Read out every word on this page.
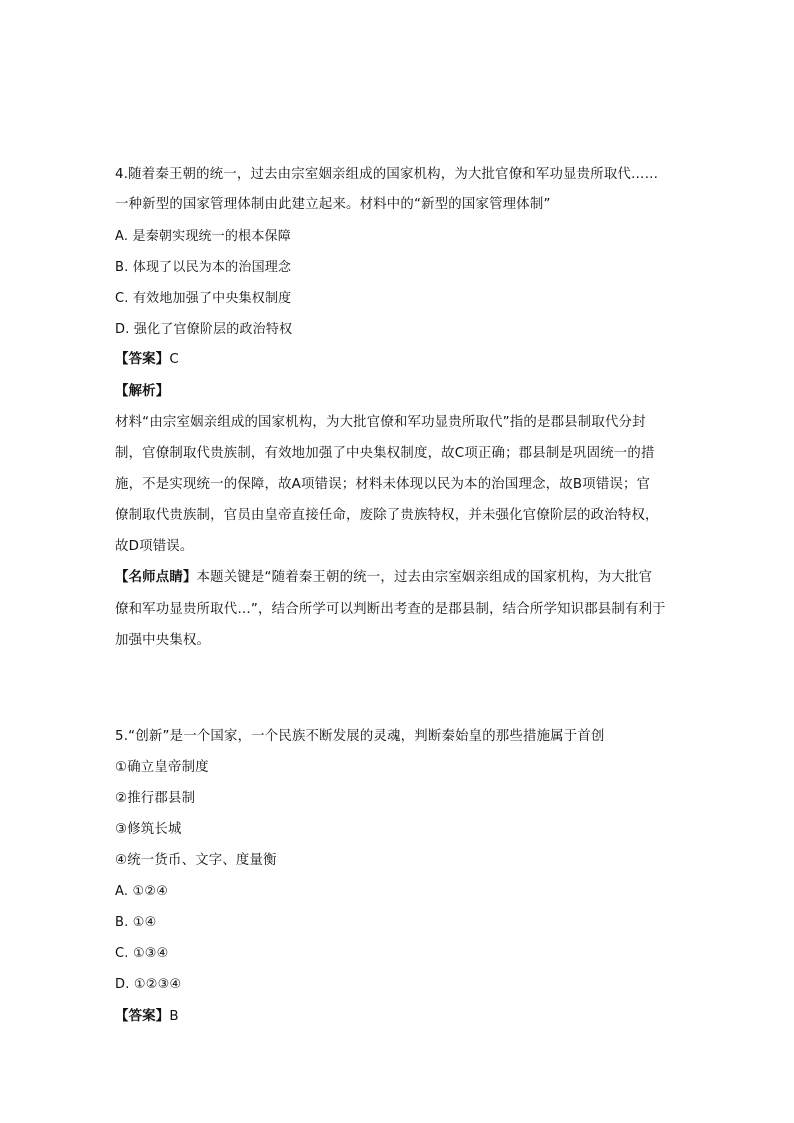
4.随着秦王朝的统一，过去由宗室姻亲组成的国家机构，为大批官僚和军功显贵所取代……
一种新型的国家管理体制由此建立起来。材料中的“新型的国家管理体制”
A. 是秦朝实现统一的根本保障
B. 体现了以民为本的治国理念
C. 有效地加强了中央集权制度
D. 强化了官僚阶层的政治特权
【答案】C
【解析】
材料“由宗室姻亲组成的国家机构，为大批官僚和军功显贵所取代”指的是郡县制取代分封
制，官僚制取代贵族制，有效地加强了中央集权制度，故C项正确；郡县制是巩固统一的措
施，不是实现统一的保障，故A项错误；材料未体现以民为本的治国理念，故B项错误；官
僚制取代贵族制，官员由皇帝直接任命，废除了贵族特权，并未强化官僚阶层的政治特权，
故D项错误。
【名师点睛】本题关键是“随着秦王朝的统一，过去由宗室姻亲组成的国家机构，为大批官
僚和军功显贵所取代…”，结合所学可以判断出考查的是郡县制，结合所学知识郡县制有利于
加强中央集权。
5.“创新”是一个国家，一个民族不断发展的灵魂，判断秦始皇的那些措施属于首创
①确立皇帝制度
②推行郡县制
③修筑长城
④统一货币、文字、度量衡
A. ①②④
B. ①④
C. ①③④
D. ①②③④
【答案】B
